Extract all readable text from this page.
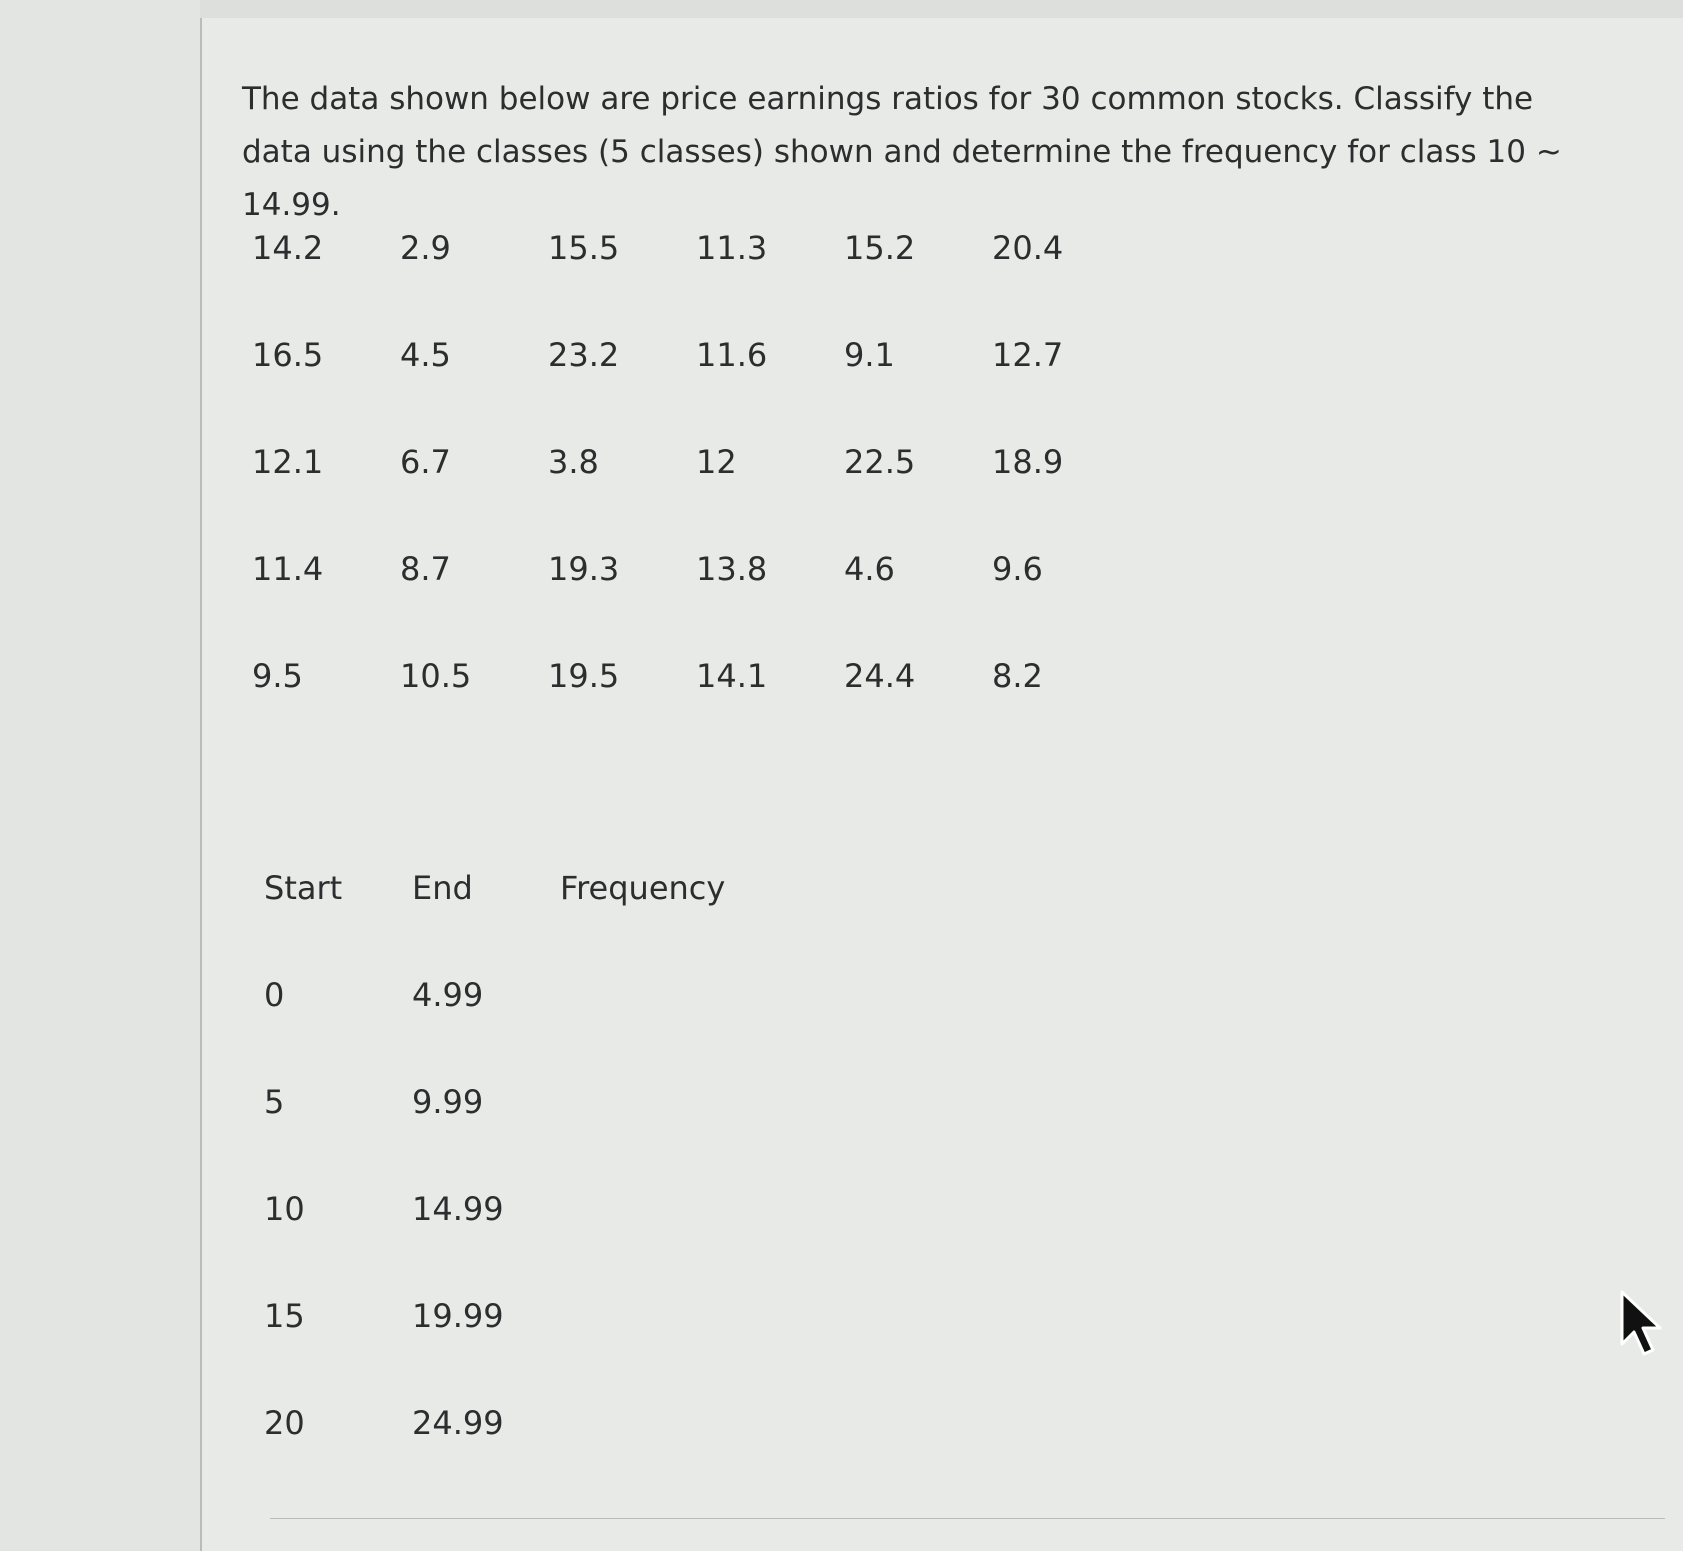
The data shown below are price earnings ratios for 30 common stocks. Classify the data using the classes (5 classes) shown and determine the frequency for class 10 ~ 14.99.

14.2	2.9	15.5	11.3	15.2	20.4
16.5	4.5	23.2	11.6	9.1	12.7
12.1	6.7	3.8	12	22.5	18.9
11.4	8.7	19.3	13.8	4.6	9.6
9.5	10.5	19.5	14.1	24.4	8.2
Start	End	Frequency
0	4.99
5	9.99
10	14.99
15	19.99
20	24.99
